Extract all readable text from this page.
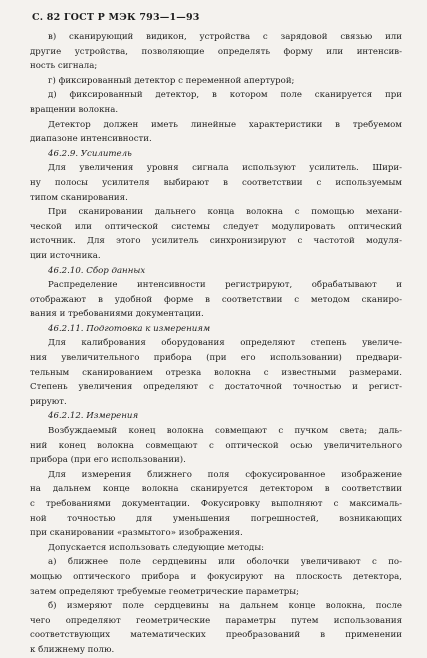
С. 82 ГОСТ Р МЭК 793—1—93
в) сканирующий видикон, устройства с зарядовой связью или
другие устройства, позволяющие определять форму или интенсив-
ность сигнала;
г) фиксированный детектор с переменной апертурой;
д) фиксированный детектор, в котором поле сканируется при
вращении волокна.
Детектор должен иметь линейные характеристики в требуемом
диапазоне интенсивности.
46.2.9. Усилитель
Для увеличения уровня сигнала используют усилитель. Шири-
ну полосы усилителя выбирают в соответствии с используемым
типом сканирования.
При сканировании дальнего конца волокна с помощью механи-
ческой или оптической системы следует модулировать оптический
источник. Для этого усилитель синхронизируют с частотой модуля-
ции источника.
46.2.10. Сбор данных
Распределение интенсивности регистрируют, обрабатывают и
отображают в удобной форме в соответствии с методом сканиро-
вания и требованиями документации.
46.2.11. Подготовка к измерениям
Для калибрования оборудования определяют степень увеличе-
ния увеличительного прибора (при его использовании) предвари-
тельным сканированием отрезка волокна с известными размерами.
Степень увеличения определяют с достаточной точностью и регист-
рируют.
46.2.12. Измерения
Возбуждаемый конец волокна совмещают с пучком света; даль-
ний конец волокна совмещают с оптической осью увеличительного
прибора (при его использовании).
Для измерения ближнего поля сфокусированное изображение
на дальнем конце волокна сканируется детектором в соответствии
с требованиями документации. Фокусировку выполняют с максималь-
ной точностью для уменьшения погрешностей, возникающих
при сканировании «размытого» изображения.
Допускается использовать следующие методы:
а) ближнее поле сердцевины или оболочки увеличивают с по-
мощью оптического прибора и фокусируют на плоскость детектора,
затем определяют требуемые геометрические параметры;
б) измеряют поле сердцевины на дальнем конце волокна, после
чего определяют геометрические параметры путем использования
соответствующих математических преобразований в применении
к ближнему полю.
